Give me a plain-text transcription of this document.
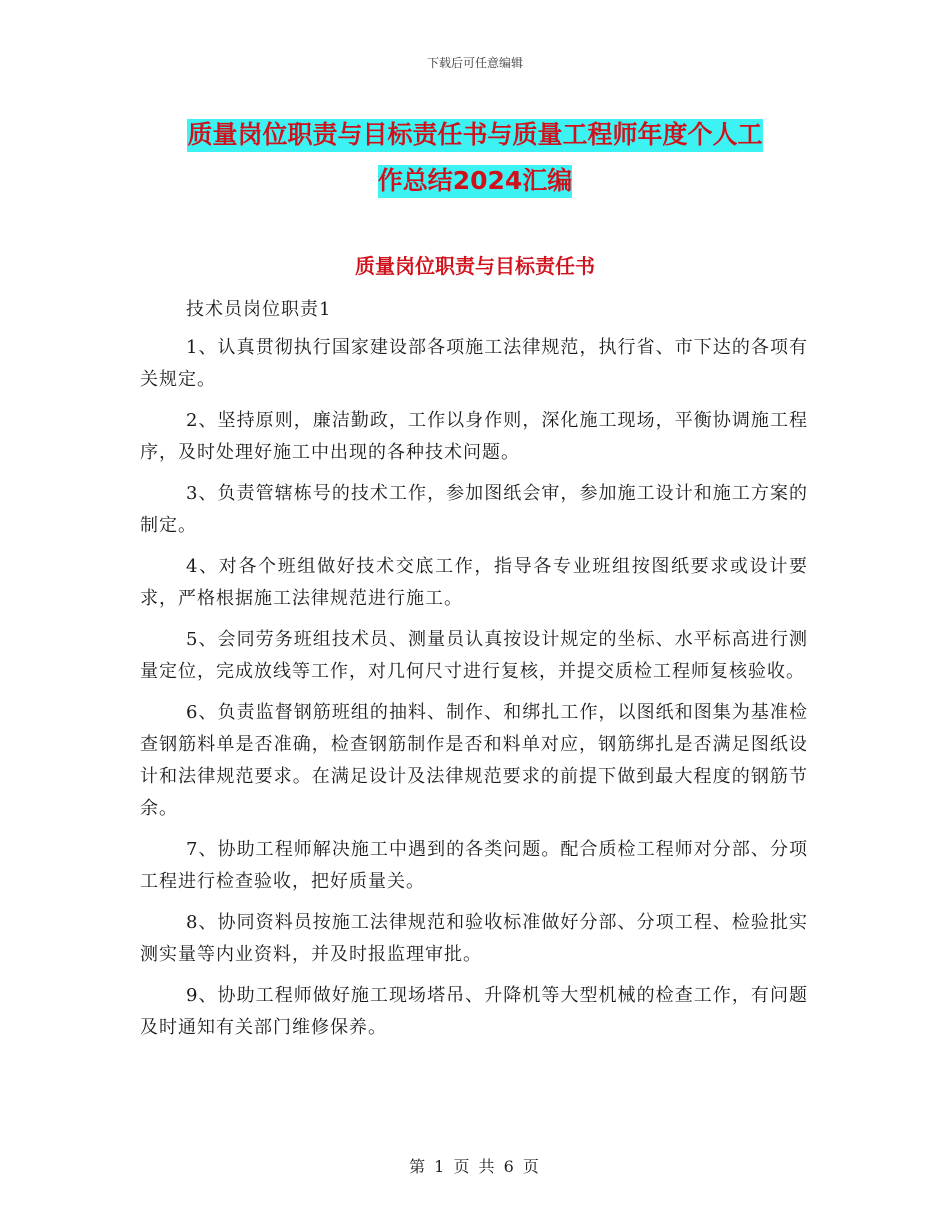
下载后可任意编辑
质量岗位职责与目标责任书与质量工程师年度个人工
作总结2024汇编
质量岗位职责与目标责任书

技术员岗位职责1

1、认真贯彻执行国家建设部各项施工法律规范，执行省、市下达的各项有关规定。

2、坚持原则，廉洁勤政，工作以身作则，深化施工现场，平衡协调施工程序，及时处理好施工中出现的各种技术问题。

3、负责管辖栋号的技术工作，参加图纸会审，参加施工设计和施工方案的制定。

4、对各个班组做好技术交底工作，指导各专业班组按图纸要求或设计要求，严格根据施工法律规范进行施工。

5、会同劳务班组技术员、测量员认真按设计规定的坐标、水平标高进行测量定位，完成放线等工作，对几何尺寸进行复核，并提交质检工程师复核验收。

6、负责监督钢筋班组的抽料、制作、和绑扎工作，以图纸和图集为基准检查钢筋料单是否准确，检查钢筋制作是否和料单对应，钢筋绑扎是否满足图纸设计和法律规范要求。在满足设计及法律规范要求的前提下做到最大程度的钢筋节余。

7、协助工程师解决施工中遇到的各类问题。配合质检工程师对分部、分项工程进行检查验收，把好质量关。

8、协同资料员按施工法律规范和验收标准做好分部、分项工程、检验批实测实量等内业资料，并及时报监理审批。

9、协助工程师做好施工现场塔吊、升降机等大型机械的检查工作，有问题及时通知有关部门维修保养。

第 1 页 共 6 页
